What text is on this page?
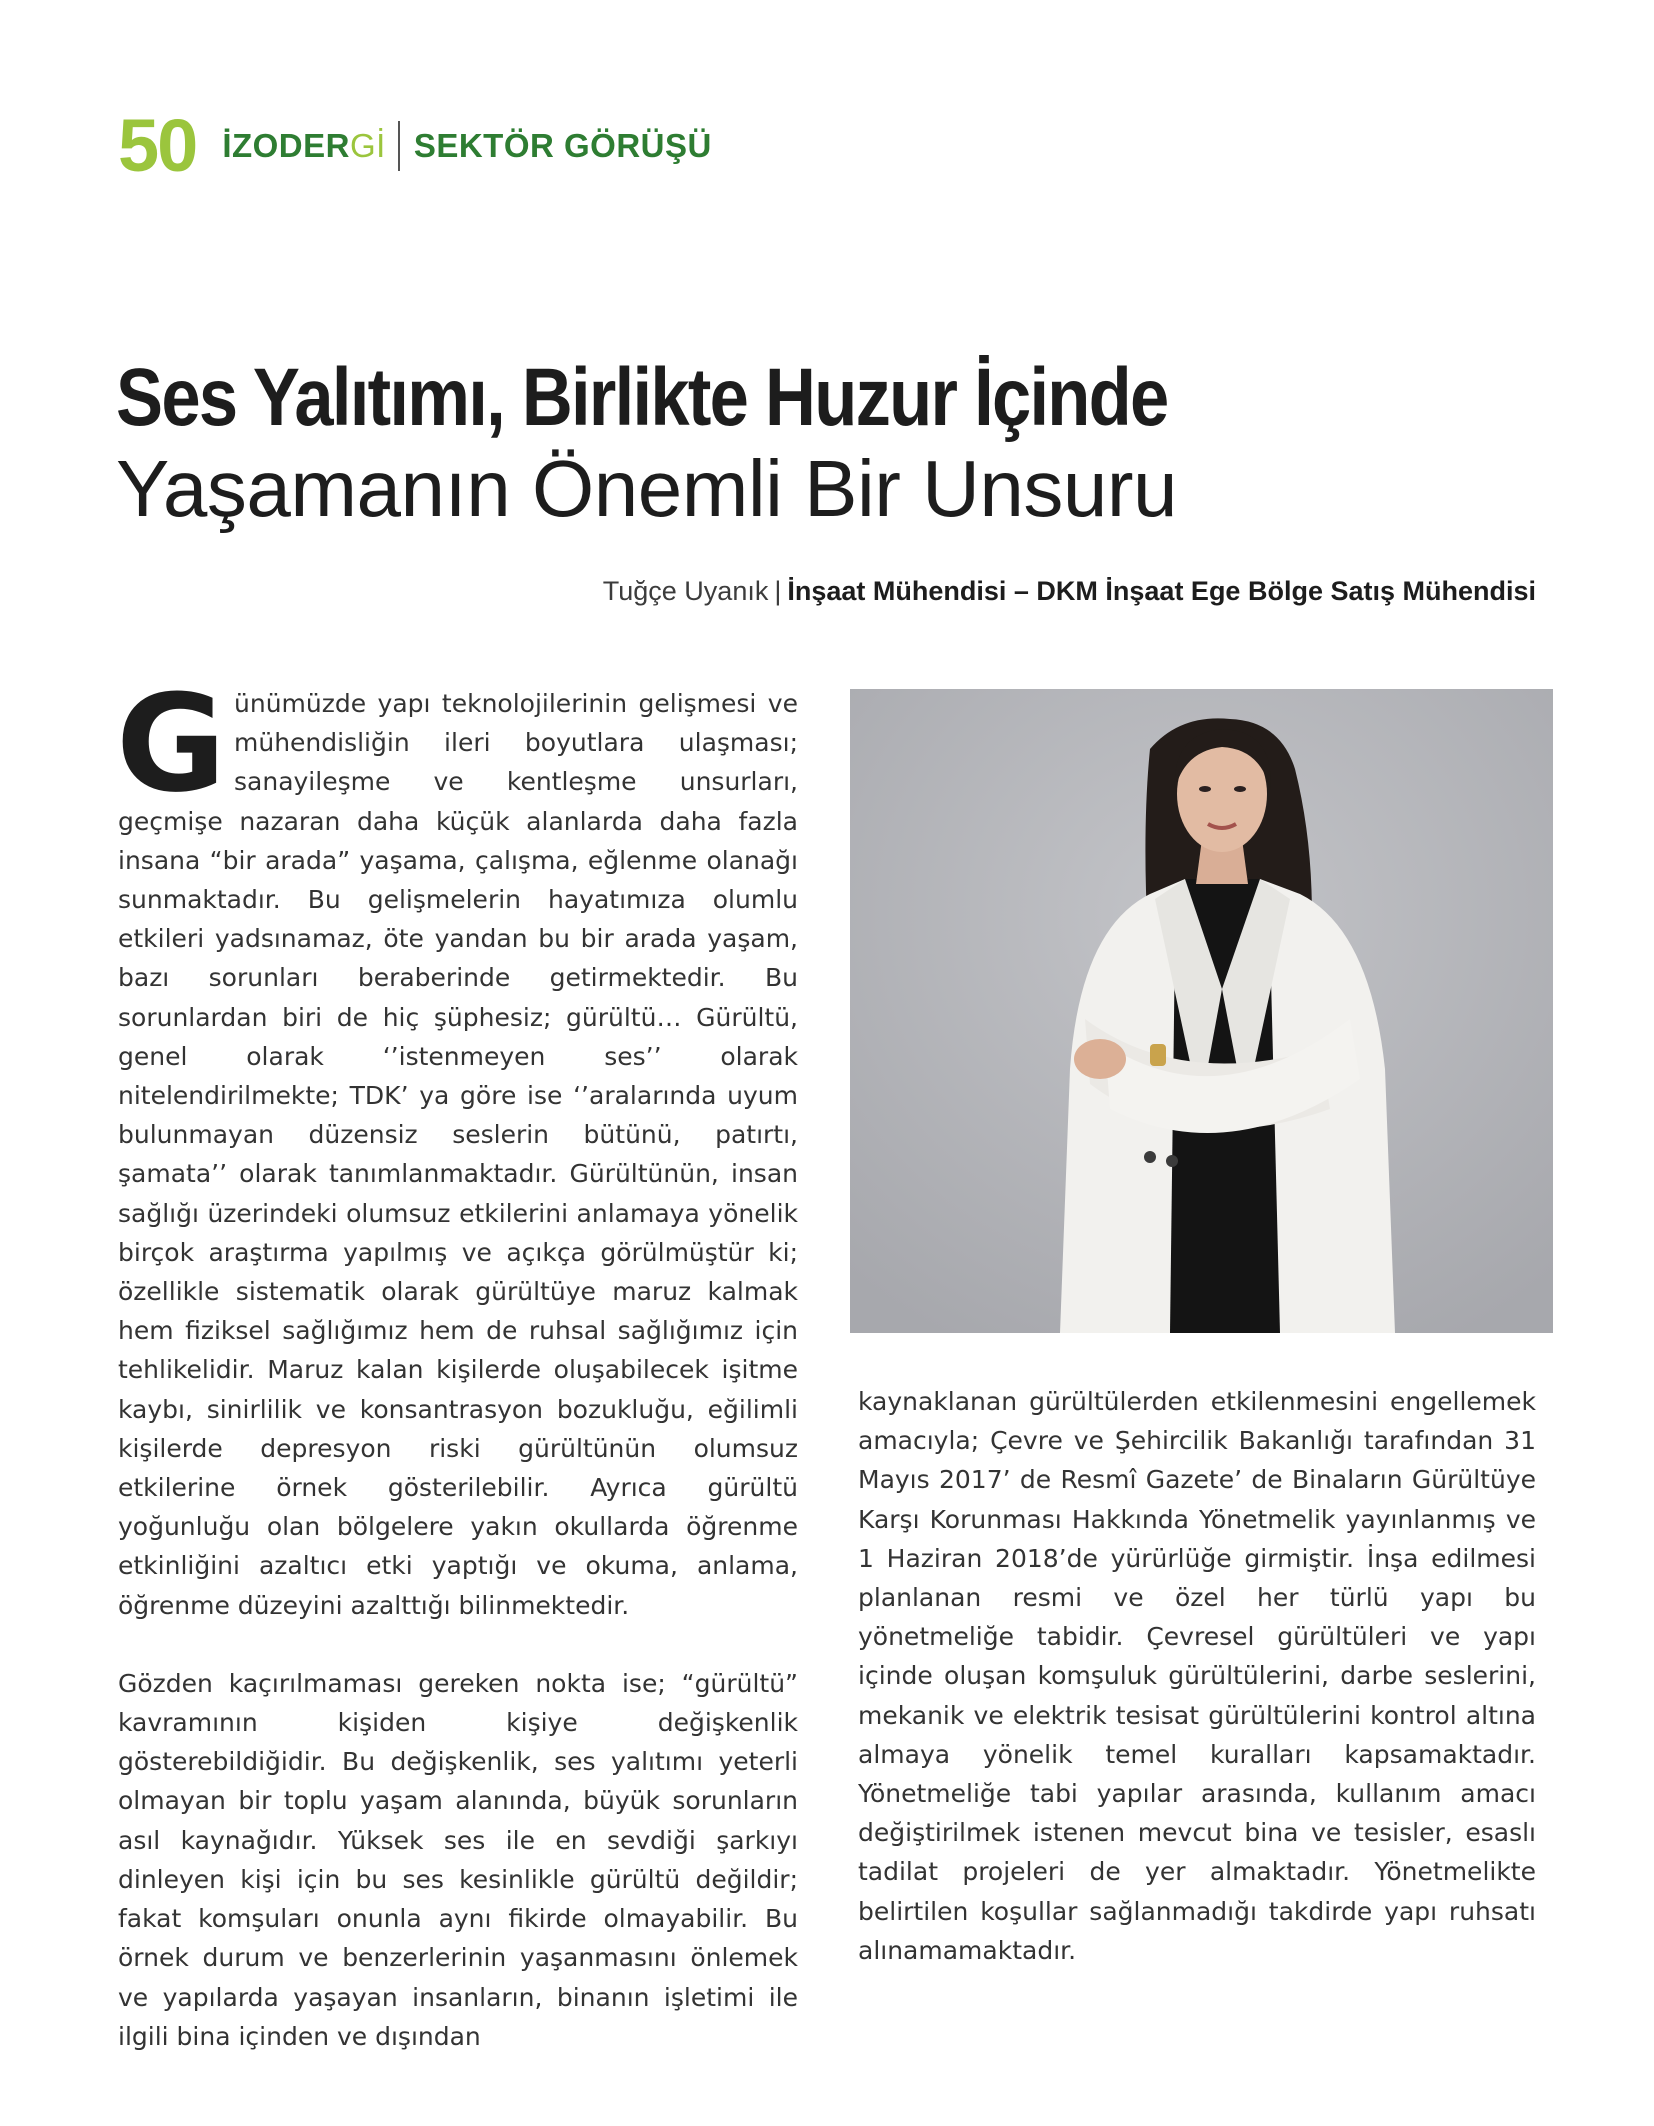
50 İZODERGİ SEKTÖR GÖRÜŞÜ
Ses Yalıtımı, Birlikte Huzur İçinde
Yaşamanın Önemli Bir Unsuru
Tuğçe Uyanık | İnşaat Mühendisi – DKM İnşaat Ege Bölge Satış Mühendisi

Günümüzde yapı teknolojilerinin gelişmesi ve mühendisliğin ileri boyutlara ulaşması; sanayileşme ve kentleşme unsurları, geçmişe nazaran daha küçük alanlarda daha fazla insana “bir arada” yaşama, çalışma, eğlenme olanağı sunmaktadır. Bu gelişmelerin hayatımıza olumlu etkileri yadsınamaz, öte yandan bu bir arada yaşam, bazı sorunları beraberinde getirmektedir. Bu sorunlardan biri de hiç şüphesiz; gürültü… Gürültü, genel olarak ‘’istenmeyen ses’’ olarak nitelendirilmekte; TDK’ ya göre ise ‘’aralarında uyum bulunmayan düzensiz seslerin bütünü, patırtı, şamata’’ olarak tanımlanmaktadır. Gürültünün, insan sağlığı üzerindeki olumsuz etkilerini anlamaya yönelik birçok araştırma yapılmış ve açıkça görülmüştür ki; özellikle sistematik olarak gürültüye maruz kalmak hem fiziksel sağlığımız hem de ruhsal sağlığımız için tehlikelidir. Maruz kalan kişilerde oluşabilecek işitme kaybı, sinirlilik ve konsantrasyon bozukluğu, eğilimli kişilerde depresyon riski gürültünün olumsuz etkilerine örnek gösterilebilir. Ayrıca gürültü yoğunluğu olan bölgelere yakın okullarda öğrenme etkinliğini azaltıcı etki yaptığı ve okuma, anlama, öğrenme düzeyini azalttığı bilinmektedir.

Gözden kaçırılmaması gereken nokta ise; “gürültü” kavramının kişiden kişiye değişkenlik gösterebildiğidir. Bu değişkenlik, ses yalıtımı yeterli olmayan bir toplu yaşam alanında, büyük sorunların asıl kaynağıdır. Yüksek ses ile en sevdiği şarkıyı dinleyen kişi için bu ses kesinlikle gürültü değildir; fakat komşuları onunla aynı fikirde olmayabilir. Bu örnek durum ve benzerlerinin yaşanmasını önlemek ve yapılarda yaşayan insanların, binanın işletimi ile ilgili bina içinden ve dışından

kaynaklanan gürültülerden etkilenmesini engellemek amacıyla; Çevre ve Şehircilik Bakanlığı tarafından 31 Mayıs 2017’ de Resmî Gazete’ de Binaların Gürültüye Karşı Korunması Hakkında Yönetmelik yayınlanmış ve 1 Haziran 2018’de yürürlüğe girmiştir. İnşa edilmesi planlanan resmi ve özel her türlü yapı bu yönetmeliğe tabidir. Çevresel gürültüleri ve yapı içinde oluşan komşuluk gürültülerini, darbe seslerini, mekanik ve elektrik tesisat gürültülerini kontrol altına almaya yönelik temel kuralları kapsamaktadır. Yönetmeliğe tabi yapılar arasında, kullanım amacı değiştirilmek istenen mevcut bina ve tesisler, esaslı tadilat projeleri de yer almaktadır. Yönetmelikte belirtilen koşullar sağlanmadığı takdirde yapı ruhsatı alınamamaktadır.
